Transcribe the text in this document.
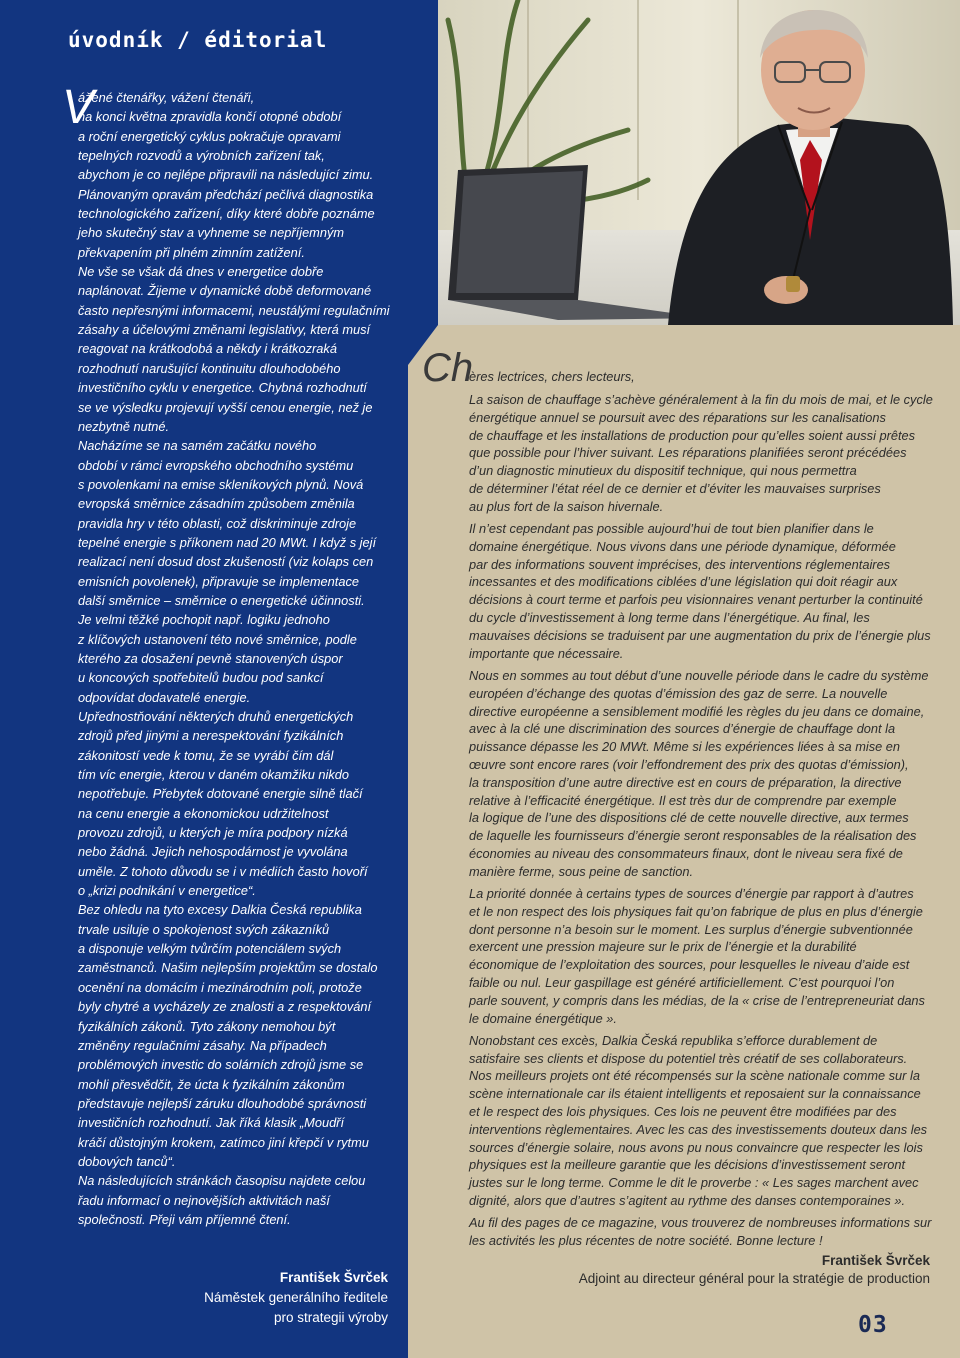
úvodník / éditorial
V

ážené čtenářky, vážení čtenáři,

na konci května zpravidla končí otopné období

a roční energetický cyklus pokračuje opravami

tepelných rozvodů a výrobních zařízení tak,

abychom je co nejlépe připravili na následující zimu.

Plánovaným opravám předchází pečlivá diagnostika

technologického zařízení, díky které dobře poznáme

jeho skutečný stav a vyhneme se nepříjemným

překvapením při plném zimním zatížení.

Ne vše se však dá dnes v energetice dobře

naplánovat. Žijeme v dynamické době deformované

často nepřesnými informacemi, neustálými regulačními

zásahy a účelovými změnami legislativy, která musí

reagovat na krátkodobá a někdy i krátkozraká

rozhodnutí narušující kontinuitu dlouhodobého

investičního cyklu v energetice. Chybná rozhodnutí

se ve výsledku projevují vyšší cenou energie, než je

nezbytně nutné.

Nacházíme se na samém začátku nového

období v rámci evropského obchodního systému

s povolenkami na emise skleníkových plynů. Nová

evropská směrnice zásadním způsobem změnila

pravidla hry v této oblasti, což diskriminuje zdroje

tepelné energie s příkonem nad 20 MWt. I když s její

realizací není dosud dost zkušeností (viz kolaps cen

emisních povolenek), připravuje se implementace

další směrnice – směrnice o energetické účinnosti.

Je velmi těžké pochopit např. logiku jednoho

z klíčových ustanovení této nové směrnice, podle

kterého za dosažení pevně stanovených úspor

u koncových spotřebitelů budou pod sankcí

odpovídat dodavatelé energie.

Upřednostňování některých druhů energetických

zdrojů před jinými a nerespektování fyzikálních

zákonitostí vede k tomu, že se vyrábí čím dál

tím víc energie, kterou v daném okamžiku nikdo

nepotřebuje. Přebytek dotované energie silně tlačí

na cenu energie a ekonomickou udržitelnost

provozu zdrojů, u kterých je míra podpory nízká

nebo žádná. Jejich nehospodárnost je vyvolána

uměle. Z tohoto důvodu se i v médiích často hovoří

o „krizi podnikání v energetice“.

Bez ohledu na tyto excesy Dalkia Česká republika

trvale usiluje o spokojenost svých zákazníků

a disponuje velkým tvůrčím potenciálem svých

zaměstnanců. Našim nejlepším projektům se dostalo

ocenění na domácím i mezinárodním poli, protože

byly chytré a vycházely ze znalosti a z respektování

fyzikálních zákonů. Tyto zákony nemohou být

změněny regulačními zásahy. Na případech

problémových investic do solárních zdrojů jsme se

mohli přesvědčit, že úcta k fyzikálním zákonům

představuje nejlepší záruku dlouhodobé správnosti

investičních rozhodnutí. Jak říká klasik „Moudří

kráčí důstojným krokem, zatímco jiní křepčí v rytmu

dobových tanců“.

Na následujících stránkách časopisu najdete celou

řadu informací o nejnovějších aktivitách naší

společnosti. Přeji vám příjemné čtení.

František Švrček
Náměstek generálního ředitele
pro strategii výroby
Ch
ères lectrices, chers lecteurs,

La saison de chauffage s’achève généralement à la fin du mois de mai, et le cycle

énergétique annuel se poursuit avec des réparations sur les canalisations

de chauffage et les installations de production pour qu’elles soient aussi prêtes

que possible pour l’hiver suivant. Les réparations planifiées seront précédées

d’un diagnostic minutieux du dispositif technique, qui nous permettra

de déterminer l’état réel de ce dernier et d’éviter les mauvaises surprises

au plus fort de la saison hivernale.

Il n’est cependant pas possible aujourd’hui de tout bien planifier dans le

domaine énergétique. Nous vivons dans une période dynamique, déformée

par des informations souvent imprécises, des interventions réglementaires

incessantes et des modifications ciblées d’une législation qui doit réagir aux

décisions à court terme et parfois peu visionnaires venant perturber la continuité

du cycle d’investissement à long terme dans l’énergétique. Au final, les

mauvaises décisions se traduisent par une augmentation du prix de l’énergie plus

importante que nécessaire.

Nous en sommes au tout début d’une nouvelle période dans le cadre du système

européen d’échange des quotas d’émission des gaz de serre. La nouvelle

directive européenne a sensiblement modifié les règles du jeu dans ce domaine,

avec à la clé une discrimination des sources d’énergie de chauffage dont la

puissance dépasse les 20 MWt. Même si les expériences liées à sa mise en

œuvre sont encore rares (voir l’effondrement des prix des quotas d’émission),

la transposition d’une autre directive est en cours de préparation, la directive

relative à l’efficacité énergétique. Il est très dur de comprendre par exemple

la logique de l’une des dispositions clé de cette nouvelle directive, aux termes

de laquelle les fournisseurs d’énergie seront responsables de la réalisation des

économies au niveau des consommateurs finaux, dont le niveau sera fixé de

manière ferme, sous peine de sanction.

La priorité donnée à certains types de sources d’énergie par rapport à d’autres

et le non respect des lois physiques fait qu’on fabrique de plus en plus d’énergie

dont personne n’a besoin sur le moment. Les surplus d’énergie subventionnée

exercent une pression majeure sur le prix de l’énergie et la durabilité

économique de l’exploitation des sources, pour lesquelles le niveau d’aide est

faible ou nul. Leur gaspillage est généré artificiellement. C’est pourquoi l’on

parle souvent, y compris dans les médias, de la « crise de l’entrepreneuriat dans

le domaine énergétique ».

Nonobstant ces excès, Dalkia Česká republika s’efforce durablement de

satisfaire ses clients et dispose du potentiel très créatif de ses collaborateurs.

Nos meilleurs projets ont été récompensés sur la scène nationale comme sur la

scène internationale car ils étaient intelligents et reposaient sur la connaissance

et le respect des lois physiques. Ces lois ne peuvent être modifiées par des

interventions règlementaires. Avec les cas des investissements douteux dans les

sources d’énergie solaire, nous avons pu nous convaincre que respecter les lois

physiques est la meilleure garantie que les décisions d’investissement seront

justes sur le long terme. Comme le dit le proverbe : « Les sages marchent avec

dignité, alors que d’autres s’agitent au rythme des danses contemporaines ».

Au fil des pages de ce magazine, vous trouverez de nombreuses informations sur

les activités les plus récentes de notre société. Bonne lecture !

František Švrček
Adjoint au directeur général pour la stratégie de production
03
